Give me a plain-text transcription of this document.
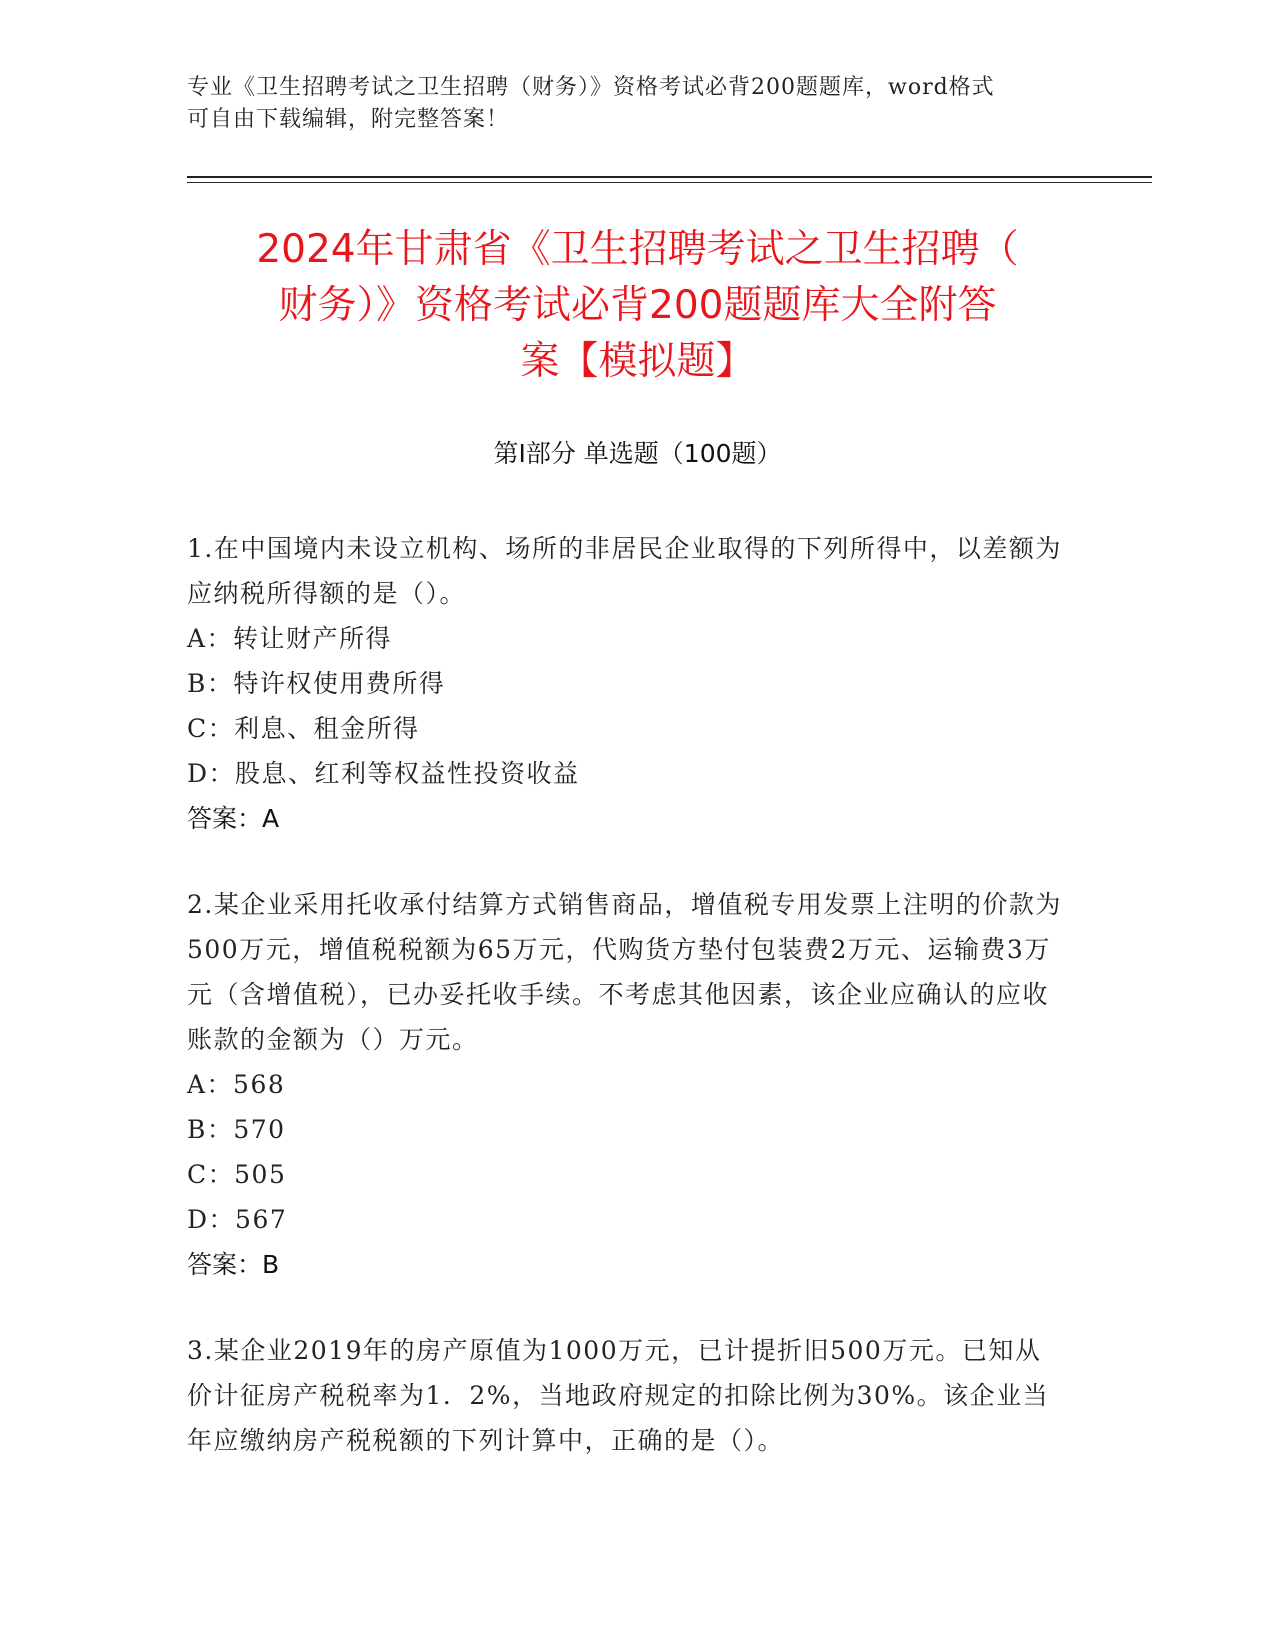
专业《卫生招聘考试之卫生招聘（财务）》资格考试必背200题题库，word格式
可自由下载编辑，附完整答案！
2024年甘肃省《卫生招聘考试之卫生招聘（
财务）》资格考试必背200题题库大全附答
案【模拟题】
第Ⅰ部分 单选题（100题）

1.在中国境内未设立机构、场所的非居民企业取得的下列所得中，以差额为应纳税所得额的是（）。

A：转让财产所得

B：特许权使用费所得

C：利息、租金所得

D：股息、红利等权益性投资收益

答案：A

2.某企业采用托收承付结算方式销售商品，增值税专用发票上注明的价款为500万元，增值税税额为65万元，代购货方垫付包装费2万元、运输费3万元（含增值税），已办妥托收手续。不考虑其他因素，该企业应确认的应收账款的金额为（）万元。

A：568

B：570

C：505

D：567

答案：B

3.某企业2019年的房产原值为1000万元，已计提折旧500万元。已知从价计征房产税税率为1．2%，当地政府规定的扣除比例为30%。该企业当年应缴纳房产税税额的下列计算中，正确的是（）。
